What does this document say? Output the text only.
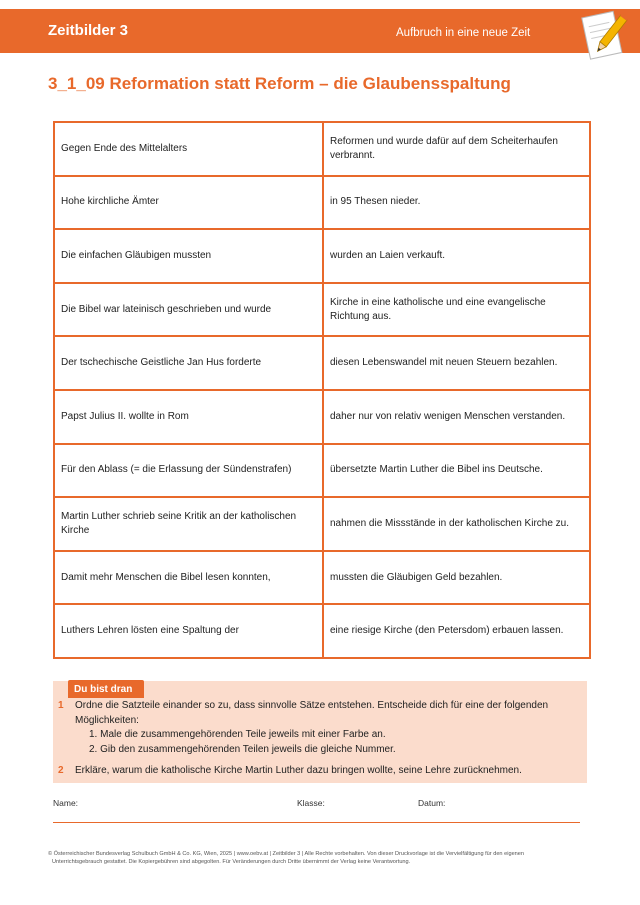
Zeitbilder 3	Aufbruch in eine neue Zeit
3_1_09 Reformation statt Reform – die Glaubensspaltung
Gegen Ende des Mittelalters	Reformen und wurde dafür auf dem Scheiterhaufen verbrannt.
Hohe kirchliche Ämter	in 95 Thesen nieder.
Die einfachen Gläubigen mussten	wurden an Laien verkauft.
Die Bibel war lateinisch geschrieben und wurde	Kirche in eine katholische und eine evangelische Richtung aus.
Der tschechische Geistliche Jan Hus forderte	diesen Lebenswandel mit neuen Steuern bezahlen.
Papst Julius II. wollte in Rom	daher nur von relativ wenigen Menschen verstanden.
Für den Ablass (= die Erlassung der Sündenstrafen)	übersetzte Martin Luther die Bibel ins Deutsche.
Martin Luther schrieb seine Kritik an der katholischen Kirche	nahmen die Missstände in der katholischen Kirche zu.
Damit mehr Menschen die Bibel lesen konnten,	mussten die Gläubigen Geld bezahlen.
Luthers Lehren lösten eine Spaltung der	eine riesige Kirche (den Petersdom) erbauen lassen.
Du bist dran
1 Ordne die Satzteile einander so zu, dass sinnvolle Sätze entstehen. Entscheide dich für eine der folgenden Möglichkeiten:
1. Male die zusammengehörenden Teile jeweils mit einer Farbe an.
2. Gib den zusammengehörenden Teilen jeweils die gleiche Nummer.
2 Erkläre, warum die katholische Kirche Martin Luther dazu bringen wollte, seine Lehre zurücknehmen.
Name:	Klasse:	Datum:
© Österreichischer Bundesverlag Schulbuch GmbH & Co. KG, Wien, 2025 | www.oebv.at | Zeitbilder 3 | Alle Rechte vorbehalten. Von dieser Druckvorlage ist die Vervielfältigung für den eigenen
Unterrichtsgebrauch gestattet. Die Kopiergebühren sind abgegolten. Für Veränderungen durch Dritte übernimmt der Verlag keine Verantwortung.
